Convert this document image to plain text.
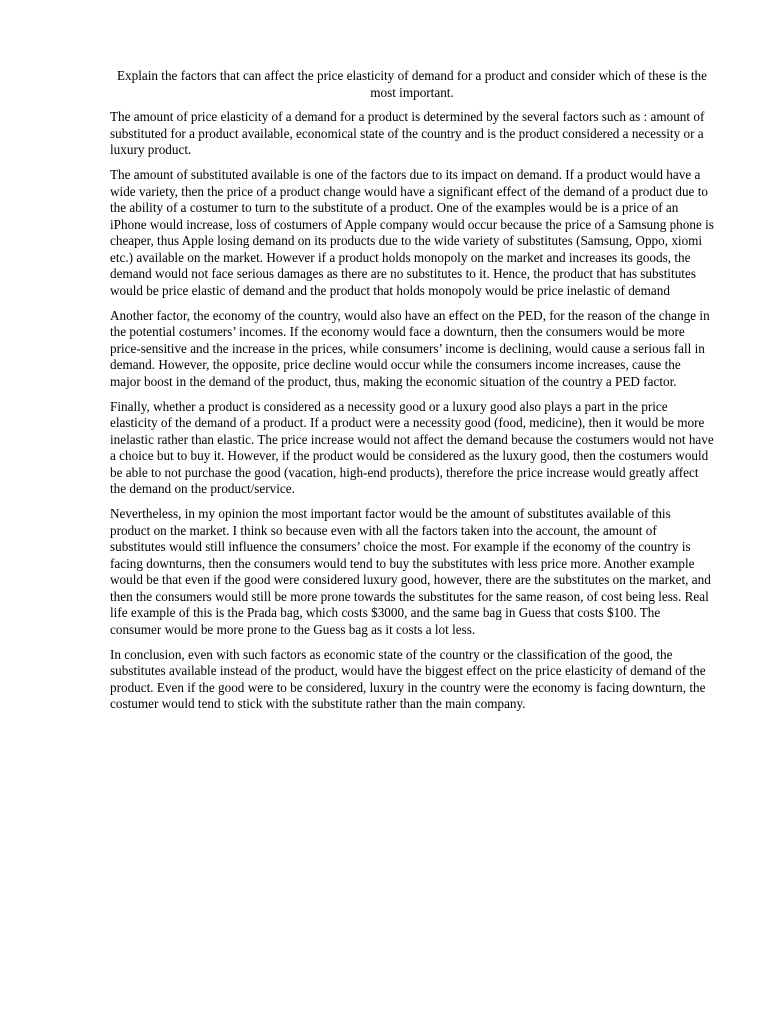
Explain the factors that can affect the price elasticity of demand for a product and consider which of these is the most important.

The amount of price elasticity of a demand for a product is determined by the several factors such as : amount of substituted for a product available, economical state of the country and is the product considered a necessity or a luxury product.

The amount of substituted available is one of the factors due to its impact on demand. If a product would have a wide variety, then the price of a product change would have a significant effect of the demand of a product due to the ability of a costumer to turn to the substitute of a product. One of the examples would be is a price of an iPhone would increase, loss of costumers of Apple company would occur because the price of a Samsung phone is cheaper, thus Apple losing demand on its products due to the wide variety of substitutes (Samsung, Oppo, xiomi etc.) available on the market. However if a product holds monopoly on the market and increases its goods, the demand would not face serious damages as there are no substitutes to it. Hence, the product that has substitutes would be price elastic of demand and the product that holds monopoly would be price inelastic of demand

Another factor, the economy of the country, would also have an effect on the PED, for the reason of the change in the potential costumers’ incomes. If the economy would face a downturn, then the consumers would be more price-sensitive and the increase in the prices, while consumers’ income is declining, would cause a serious fall in demand. However, the opposite, price decline would occur while the consumers income increases, cause the major boost in the demand of the product, thus, making the economic situation of the country a PED factor.

Finally, whether a product is considered as a necessity good or a luxury good also plays a part in the price elasticity of the demand of a product. If a product were a necessity good (food, medicine), then it would be more inelastic rather than elastic. The price increase would not affect the demand because the costumers would not have a choice but to buy it. However, if the product would be considered as the luxury good, then the costumers would be able to not purchase the good (vacation, high-end products), therefore the price increase would greatly affect the demand on the product/service.

Nevertheless, in my opinion the most important factor would be the amount of substitutes available of this product on the market. I think so because even with all the factors taken into the account, the amount of substitutes would still influence the consumers’ choice the most. For example if the economy of the country is facing downturns, then the consumers would tend to buy the substitutes with less price more. Another example would be that even if the good were considered luxury good, however, there are the substitutes on the market, and then the consumers would still be more prone towards the substitutes for the same reason, of cost being less. Real life example of this is the Prada bag, which costs $3000, and the same bag in Guess that costs $100. The consumer would be more prone to the Guess bag as it costs a lot less.

In conclusion, even with such factors as economic state of the country or the classification of the good, the substitutes available instead of the product, would have the biggest effect on the price elasticity of demand of the product. Even if the good were to be considered, luxury in the country were the economy is facing downturn, the costumer would tend to stick with the substitute rather than the main company.
